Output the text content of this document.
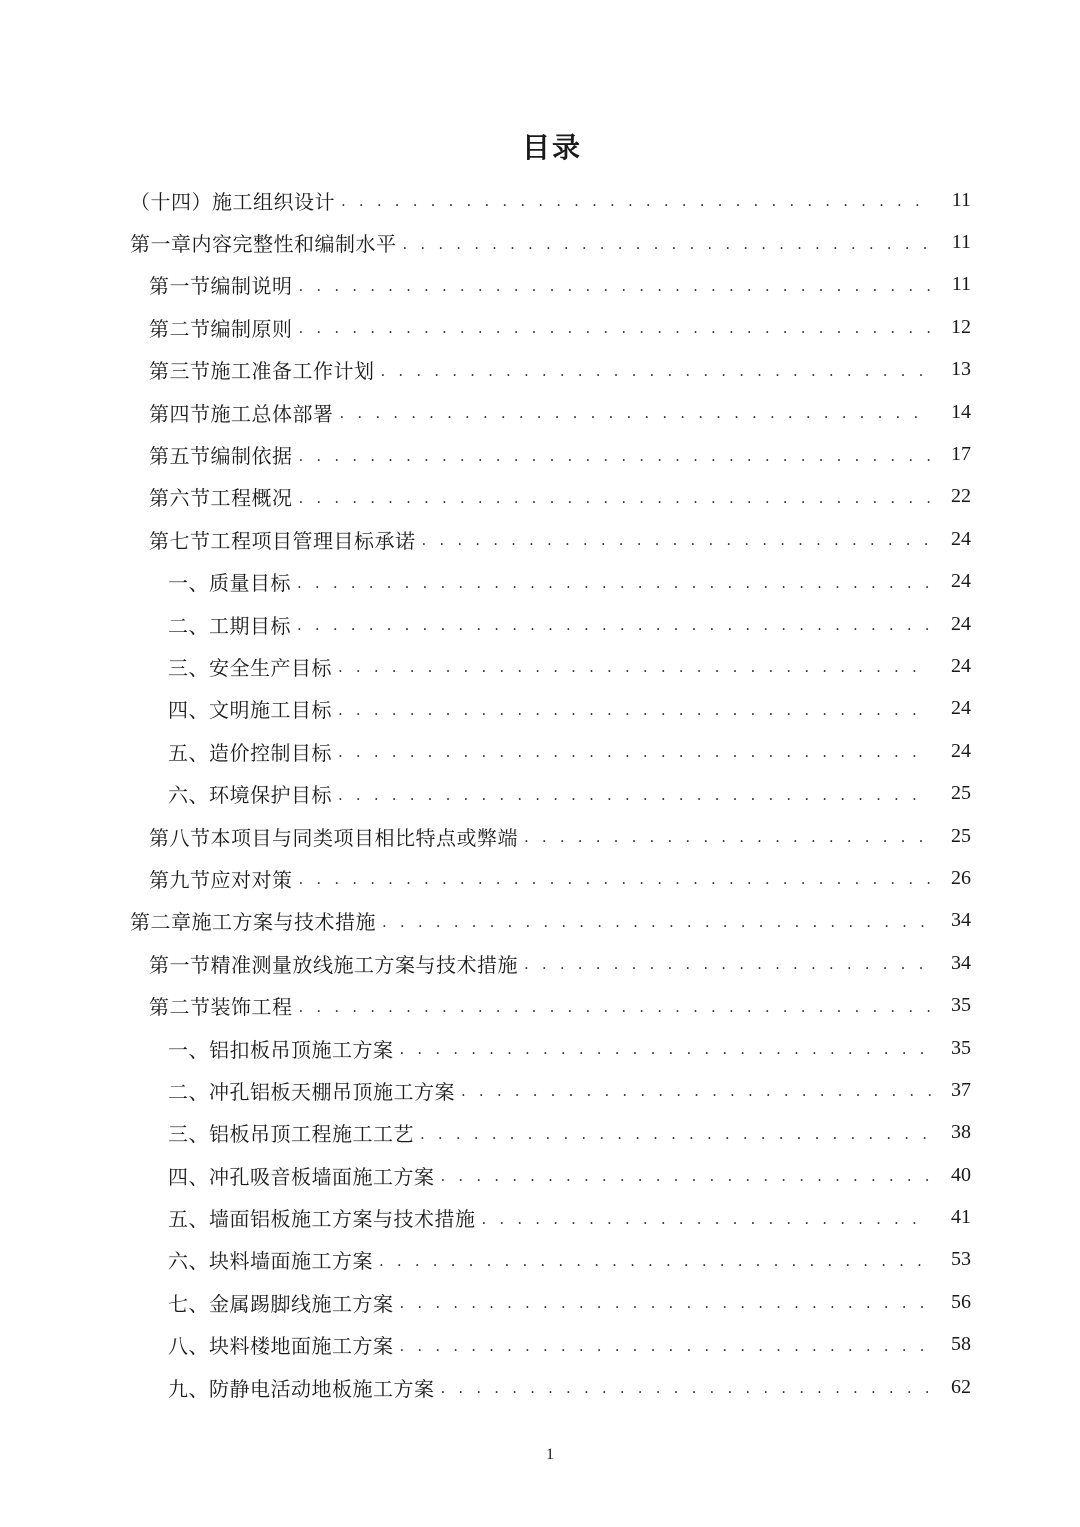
目录
（十四）施工组织设计 . . .	11
第一章内容完整性和编制水平 . . .	11
第一节编制说明 . . .	11
第二节编制原则 . . .	12
第三节施工准备工作计划 . . .	13
第四节施工总体部署 . . .	14
第五节编制依据 . . .	17
第六节工程概况 . . .	22
第七节工程项目管理目标承诺 . . .	24
一、质量目标 . . .	24
二、工期目标 . . .	24
三、安全生产目标 . . .	24
四、文明施工目标 . . .	24
五、造价控制目标 . . .	24
六、环境保护目标 . . .	25
第八节本项目与同类项目相比特点或弊端 . . .	25
第九节应对对策 . . .	26
第二章施工方案与技术措施 . . .	34
第一节精准测量放线施工方案与技术措施 . . .	34
第二节装饰工程 . . .	35
一、铝扣板吊顶施工方案 . . .	35
二、冲孔铝板天棚吊顶施工方案 . . .	37
三、铝板吊顶工程施工工艺 . . .	38
四、冲孔吸音板墙面施工方案 . . .	40
五、墙面铝板施工方案与技术措施 . . .	41
六、块料墙面施工方案 . . .	53
七、金属踢脚线施工方案 . . .	56
八、块料楼地面施工方案 . . .	58
九、防静电活动地板施工方案 . . .	62
1
